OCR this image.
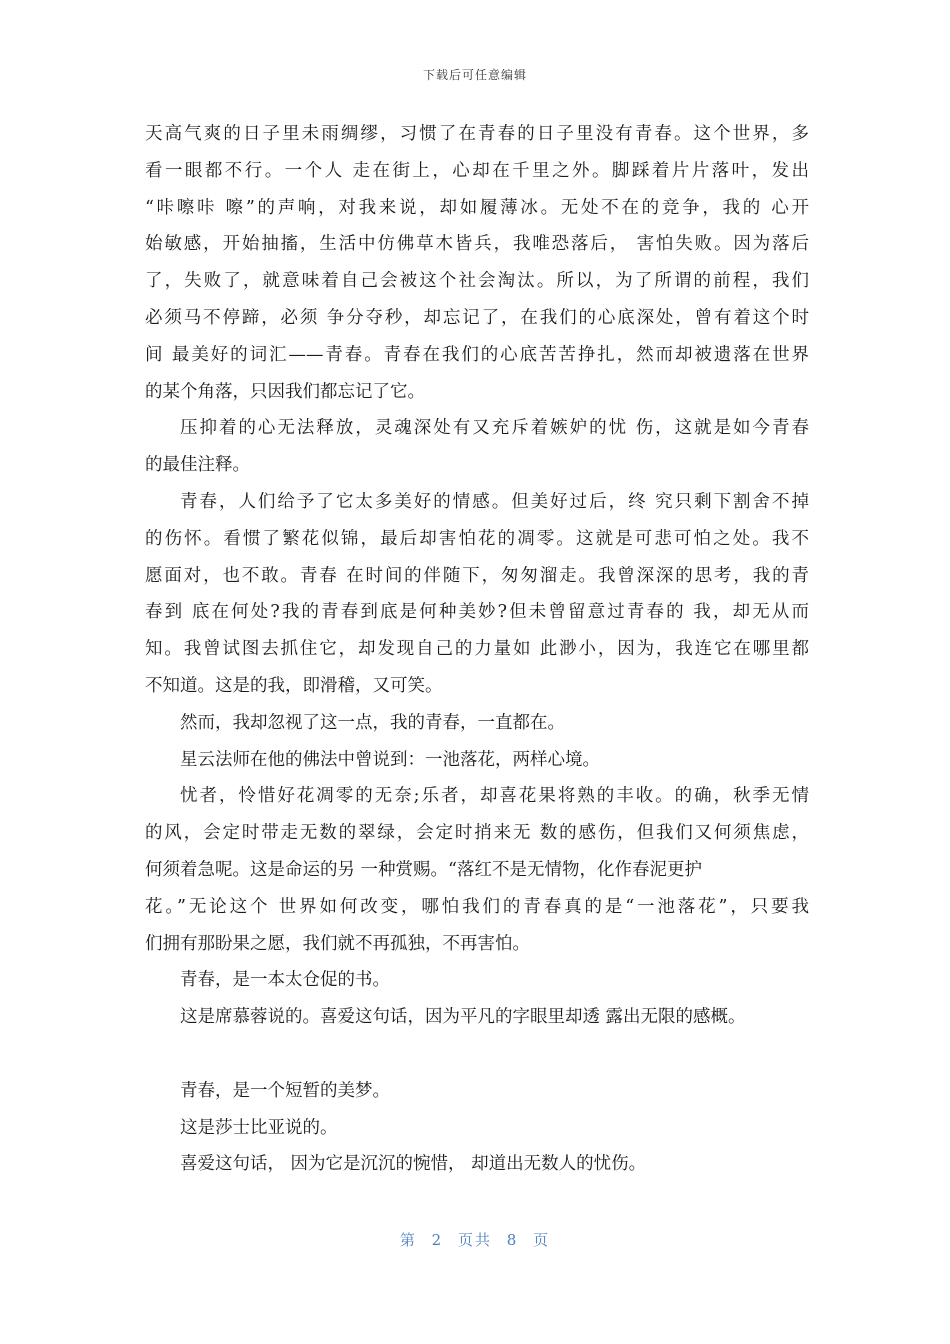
下载后可任意编辑
天高气爽的日子里未雨绸缪，习惯了在青春的日子里没有青春。这个世界，多
看一眼都不行。一个人 走在街上，心却在千里之外。脚踩着片片落叶，发出
“咔嚓咔 嚓”的声响，对我来说，却如履薄冰。无处不在的竞争，我的 心开
始敏感，开始抽搐，生活中仿佛草木皆兵，我唯恐落后， 害怕失败。因为落后
了，失败了，就意味着自己会被这个社会淘汰。所以，为了所谓的前程，我们
必须马不停蹄，必须 争分夺秒，却忘记了，在我们的心底深处，曾有着这个时
间 最美好的词汇——青春。青春在我们的心底苦苦挣扎，然而却被遗落在世界
的某个角落，只因我们都忘记了它。
压抑着的心无法释放，灵魂深处有又充斥着嫉妒的忧 伤，这就是如今青春
的最佳注释。
青春，人们给予了它太多美好的情感。但美好过后，终 究只剩下割舍不掉
的伤怀。看惯了繁花似锦，最后却害怕花的凋零。这就是可悲可怕之处。我不
愿面对，也不敢。青春 在时间的伴随下，匆匆溜走。我曾深深的思考，我的青
春到 底在何处?我的青春到底是何种美妙?但未曾留意过青春的 我，却无从而
知。我曾试图去抓住它，却发现自己的力量如 此渺小，因为，我连它在哪里都
不知道。这是的我，即滑稽，又可笑。
然而，我却忽视了这一点，我的青春，一直都在。
星云法师在他的佛法中曾说到：一池落花，两样心境。
忧者，怜惜好花凋零的无奈;乐者，却喜花果将熟的丰收。的确，秋季无情
的风，会定时带走无数的翠绿，会定时捎来无 数的感伤，但我们又何须焦虑，
何须着急呢。这是命运的另 一种赏赐。“落红不是无情物，化作春泥更护
花。”无论这个 世界如何改变，哪怕我们的青春真的是“一池落花”，只要我
们拥有那盼果之愿，我们就不再孤独，不再害怕。
青春，是一本太仓促的书。
这是席慕蓉说的。喜爱这句话，因为平凡的字眼里却透 露出无限的感概。
青春，是一个短暂的美梦。
这是莎士比亚说的。
喜爱这句话， 因为它是沉沉的惋惜， 却道出无数人的忧伤。
第 2 页共 8 页
